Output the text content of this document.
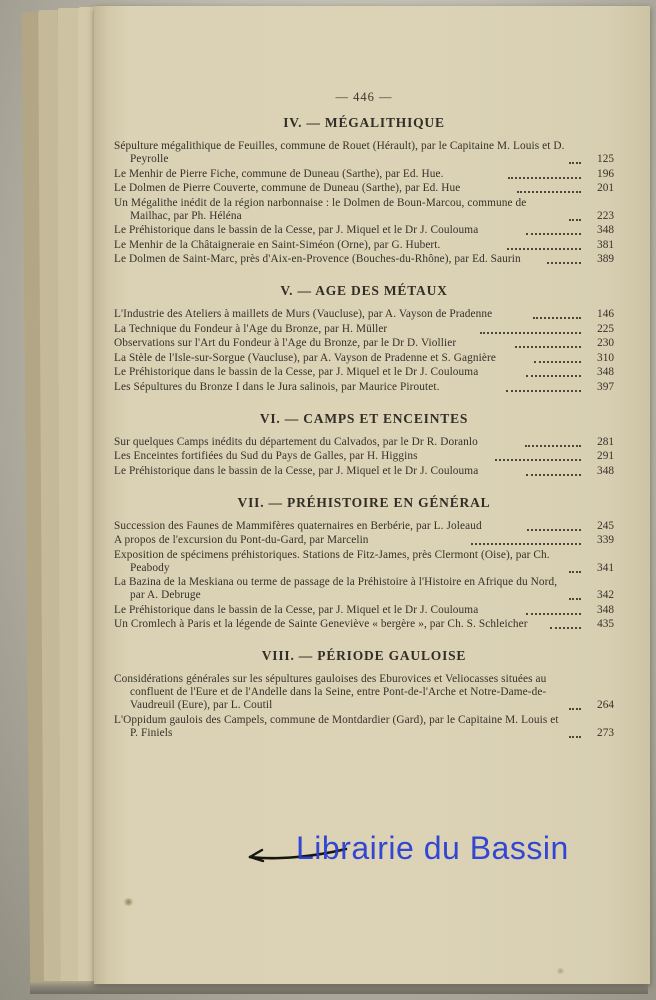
— 446 —
IV. — MÉGALITHIQUE
Sépulture mégalithique de Feuilles, commune de Rouet (Hérault), par le Capitaine M. Louis et D. Peyrolle	125
Le Menhir de Pierre Fiche, commune de Duneau (Sarthe), par Ed. Hue.	196
Le Dolmen de Pierre Couverte, commune de Duneau (Sarthe), par Ed. Hue	201
Un Mégalithe inédit de la région narbonnaise : le Dolmen de Boun-Marcou, commune de Mailhac, par Ph. Héléna	223
Le Préhistorique dans le bassin de la Cesse, par J. Miquel et le Dr J. Coulouma	348
Le Menhir de la Châtaigneraie en Saint-Siméon (Orne), par G. Hubert.	381
Le Dolmen de Saint-Marc, près d'Aix-en-Provence (Bouches-du-Rhône), par Ed. Saurin	389
V. — AGE DES MÉTAUX
L'Industrie des Ateliers à maillets de Murs (Vaucluse), par A. Vayson de Pradenne	146
La Technique du Fondeur à l'Age du Bronze, par H. Müller	225
Observations sur l'Art du Fondeur à l'Age du Bronze, par le Dr D. Viollier	230
La Stèle de l'Isle-sur-Sorgue (Vaucluse), par A. Vayson de Pradenne et S. Gagnière	310
Le Préhistorique dans le bassin de la Cesse, par J. Miquel et le Dr J. Coulouma	348
Les Sépultures du Bronze I dans le Jura salinois, par Maurice Piroutet.	397
VI. — CAMPS ET ENCEINTES
Sur quelques Camps inédits du département du Calvados, par le Dr R. Doranlo	281
Les Enceintes fortifiées du Sud du Pays de Galles, par H. Higgins	291
Le Préhistorique dans le bassin de la Cesse, par J. Miquel et le Dr J. Coulouma	348
VII. — PRÉHISTOIRE EN GÉNÉRAL
Succession des Faunes de Mammifères quaternaires en Berbérie, par L. Joleaud	245
A propos de l'excursion du Pont-du-Gard, par Marcelin	339
Exposition de spécimens préhistoriques. Stations de Fitz-James, près Clermont (Oise), par Ch. Peabody	341
La Bazina de la Meskiana ou terme de passage de la Préhistoire à l'Histoire en Afrique du Nord, par A. Debruge	342
Le Préhistorique dans le bassin de la Cesse, par J. Miquel et le Dr J. Coulouma	348
Un Cromlech à Paris et la légende de Sainte Geneviève « bergère », par Ch. S. Schleicher	435
VIII. — PÉRIODE GAULOISE
Considérations générales sur les sépultures gauloises des Eburovices et Veliocasses situées au confluent de l'Eure et de l'Andelle dans la Seine, entre Pont-de-l'Arche et Notre-Dame-de-Vaudreuil (Eure), par L. Coutil	264
L'Oppidum gaulois des Campels, commune de Montdardier (Gard), par le Capitaine M. Louis et P. Finiels	273
Librairie du Bassin
